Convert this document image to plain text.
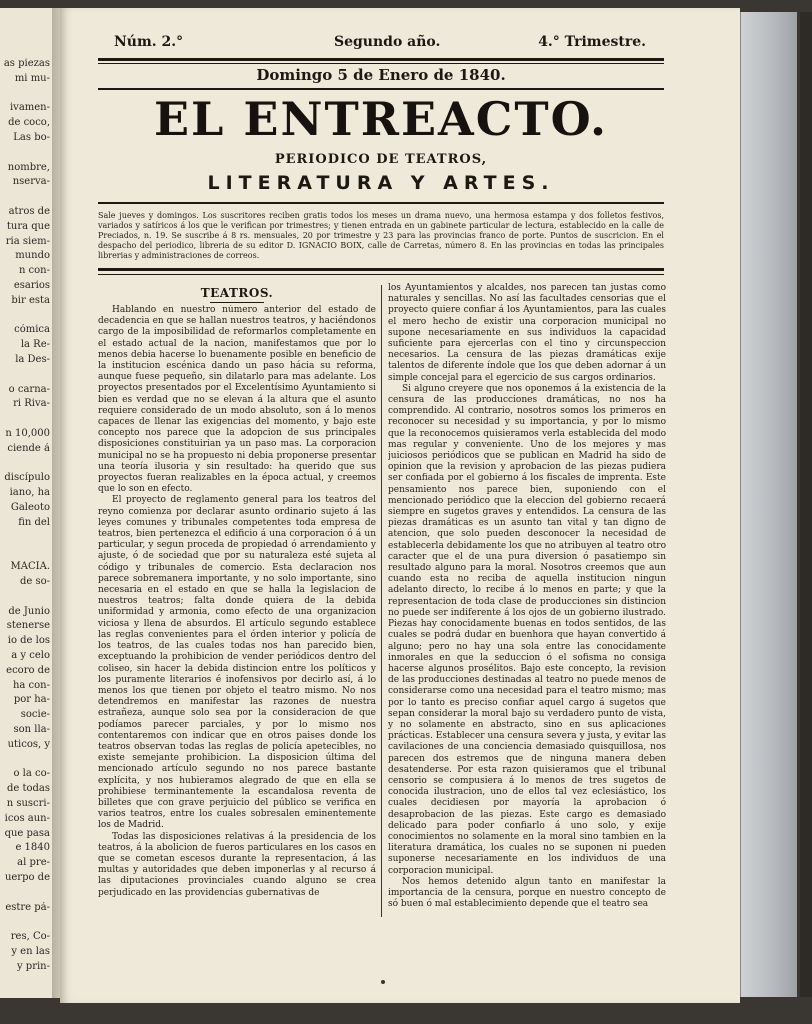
as piezas
mi mu-
ivamen-
de coco,
Las bo-
nombre,
nserva-
atros de
tura que
ria siem-
mundo
n con-
esarios
bir esta
cómica
la Re-
la Des-
o carna-
ri Riva-
n 10,000
ciende á
discípulo
iano, ha
Galeoto
fin del
MACIA.
de so-
de Junio
stenerse
io de los
a y celo
ecoro de
ha con-
por ha-
socie-
son lla-
uticos, y
o la co-
de todas
n suscri-
icos aun-
que pasa
e 1840
al pre-
uerpo de
estre pá-
res, Co-
y en las
y prin-
Núm. 2.°	Segundo año.	4.° Trimestre.
Domingo 5 de Enero de 1840.
EL ENTREACTO.
PERIODICO DE TEATROS,
LITERATURA Y ARTES.
Sale jueves y domingos. Los suscritores reciben gratis todos los meses un drama nuevo, una hermosa estampa y dos folletos festivos, variados y satíricos á los que le verifican por trimestres; y tienen entrada en un gabinete particular de lectura, establecido en la calle de Preciados, n. 19. Se suscribe á 8 rs. mensuales, 20 por trimestre y 23 para las provincias franco de porte. Puntos de suscricion. En el despacho del periodico, libreria de su editor D. IGNACIO BOIX, calle de Carretas, número 8. En las provincias en todas las principales librerias y administraciones de correos.
TEATROS.

Hablando en nuestro número anterior del estado de decadencia en que se hallan nuestros teatros, y haciéndonos cargo de la imposibilidad de reformarlos completamente en el estado actual de la nacion, manifestamos que por lo menos debia hacerse lo buenamente posible en beneficio de la institucion escénica dando un paso hácia su reforma, aunque fuese pequeño, sin dilatarlo para mas adelante. Los proyectos presentados por el Excelentísimo Ayuntamiento si bien es verdad que no se elevan á la altura que el asunto requiere considerado de un modo absoluto, son á lo menos capaces de llenar las exigencias del momento, y bajo este concepto nos parece que la adopcion de sus principales disposiciones constituirian ya un paso mas. La corporacion municipal no se ha propuesto ni debia proponerse presentar una teoría ilusoria y sin resultado: ha querido que sus proyectos fueran realizables en la época actual, y creemos que lo son en efecto.

El proyecto de reglamento general para los teatros del reyno comienza por declarar asunto ordinario sujeto á las leyes comunes y tribunales competentes toda empresa de teatros, bien pertenezca el edificio á una corporacion ó á un particular, y segun proceda de propiedad ó arrendamiento y ajuste, ó de sociedad que por su naturaleza esté sujeta al código y tribunales de comercio. Esta declaracion nos parece sobremanera importante, y no solo importante, sino necesaria en el estado en que se halla la legislacion de nuestros teatros; falta donde quiera de la debida uniformidad y armonia, como efecto de una organizacion viciosa y llena de absurdos. El artículo segundo establece las reglas convenientes para el órden interior y policía de los teatros, de las cuales todas nos han parecido bien, exceptuando la prohibicion de vender periódicos dentro del coliseo, sin hacer la debida distincion entre los políticos y los puramente literarios é inofensivos por decirlo así, á lo menos los que tienen por objeto el teatro mismo. No nos detendremos en manifestar las razones de nuestra estrañeza, aunque solo sea por la consideracion de que podíamos parecer parciales, y por lo mismo nos contentaremos con indicar que en otros paises donde los teatros observan todas las reglas de policía apetecibles, no existe semejante prohibicion. La disposicion última del mencionado artículo segundo no nos parece bastante explícita, y nos hubieramos alegrado de que en ella se prohibiese terminantemente la escandalosa reventa de billetes que con grave perjuicio del público se verifica en varios teatros, entre los cuales sobresalen eminentemente los de Madrid.

Todas las disposiciones relativas á la presidencia de los teatros, á la abolicion de fueros particulares en los casos en que se cometan escesos durante la representacion, á las multas y autoridades que deben imponerlas y al recurso á las diputaciones provinciales cuando alguno se crea perjudicado en las providencias gubernativas de

los Ayuntamientos y alcaldes, nos parecen tan justas como naturales y sencillas. No así las facultades censorias que el proyecto quiere confiar á los Ayuntamientos, para las cuales el mero hecho de existir una corporacion municipal no supone necesariamente en sus individuos la capacidad suficiente para ejercerlas con el tino y circunspeccion necesarios. La censura de las piezas dramáticas exije talentos de diferente índole que los que deben adornar á un simple concejal para el egercicio de sus cargos ordinarios.

Si alguno creyere que nos oponemos á la existencia de la censura de las producciones dramáticas, no nos ha comprendido. Al contrario, nosotros somos los primeros en reconocer su necesidad y su importancia, y por lo mismo que la reconocemos quisieramos verla establecida del modo mas regular y conveniente. Uno de los mejores y mas juiciosos periódicos que se publican en Madrid ha sido de opinion que la revision y aprobacion de las piezas pudiera ser confiada por el gobierno á los fiscales de imprenta. Este pensamiento nos parece bien, suponiendo con el mencionado periódico que la eleccion del gobierno recaerá siempre en sugetos graves y entendidos. La censura de las piezas dramáticas es un asunto tan vital y tan digno de atencion, que solo pueden desconocer la necesidad de establecerla debidamente los que no atribuyen al teatro otro caracter que el de una pura diversion ó pasatiempo sin resultado alguno para la moral. Nosotros creemos que aun cuando esta no reciba de aquella institucion ningun adelanto directo, lo recibe á lo menos en parte; y que la representacion de toda clase de producciones sin distincion no puede ser indiferente á los ojos de un gobierno ilustrado. Piezas hay conocidamente buenas en todos sentidos, de las cuales se podrá dudar en buenhora que hayan convertido á alguno; pero no hay una sola entre las conocidamente inmorales en que la seduccion ó el sofisma no consiga hacerse algunos prosélitos. Bajo este concepto, la revision de las producciones destinadas al teatro no puede menos de considerarse como una necesidad para el teatro mismo; mas por lo tanto es preciso confiar aquel cargo á sugetos que sepan considerar la moral bajo su verdadero punto de vista, y no solamente en abstracto, sino en sus aplicaciones prácticas. Establecer una censura severa y justa, y evitar las cavilaciones de una conciencia demasiado quisquillosa, nos parecen dos estremos que de ninguna manera deben desatenderse. Por esta razon quisieramos que el tribunal censorio se compusiera á lo menos de tres sugetos de conocida ilustracion, uno de ellos tal vez eclesiástico, los cuales decidiesen por mayoría la aprobacion ó desaprobacion de las piezas. Este cargo es demasiado delicado para poder confiarlo á uno solo, y exije conocimientos no solamente en la moral sino tambien en la literatura dramática, los cuales no se suponen ni pueden suponerse necesariamente en los individuos de una corporacion municipal.

Nos hemos detenido algun tanto en manifestar la importancia de la censura, porque en nuestro concepto de só buen ó mal establecimiento depende que el teatro sea
